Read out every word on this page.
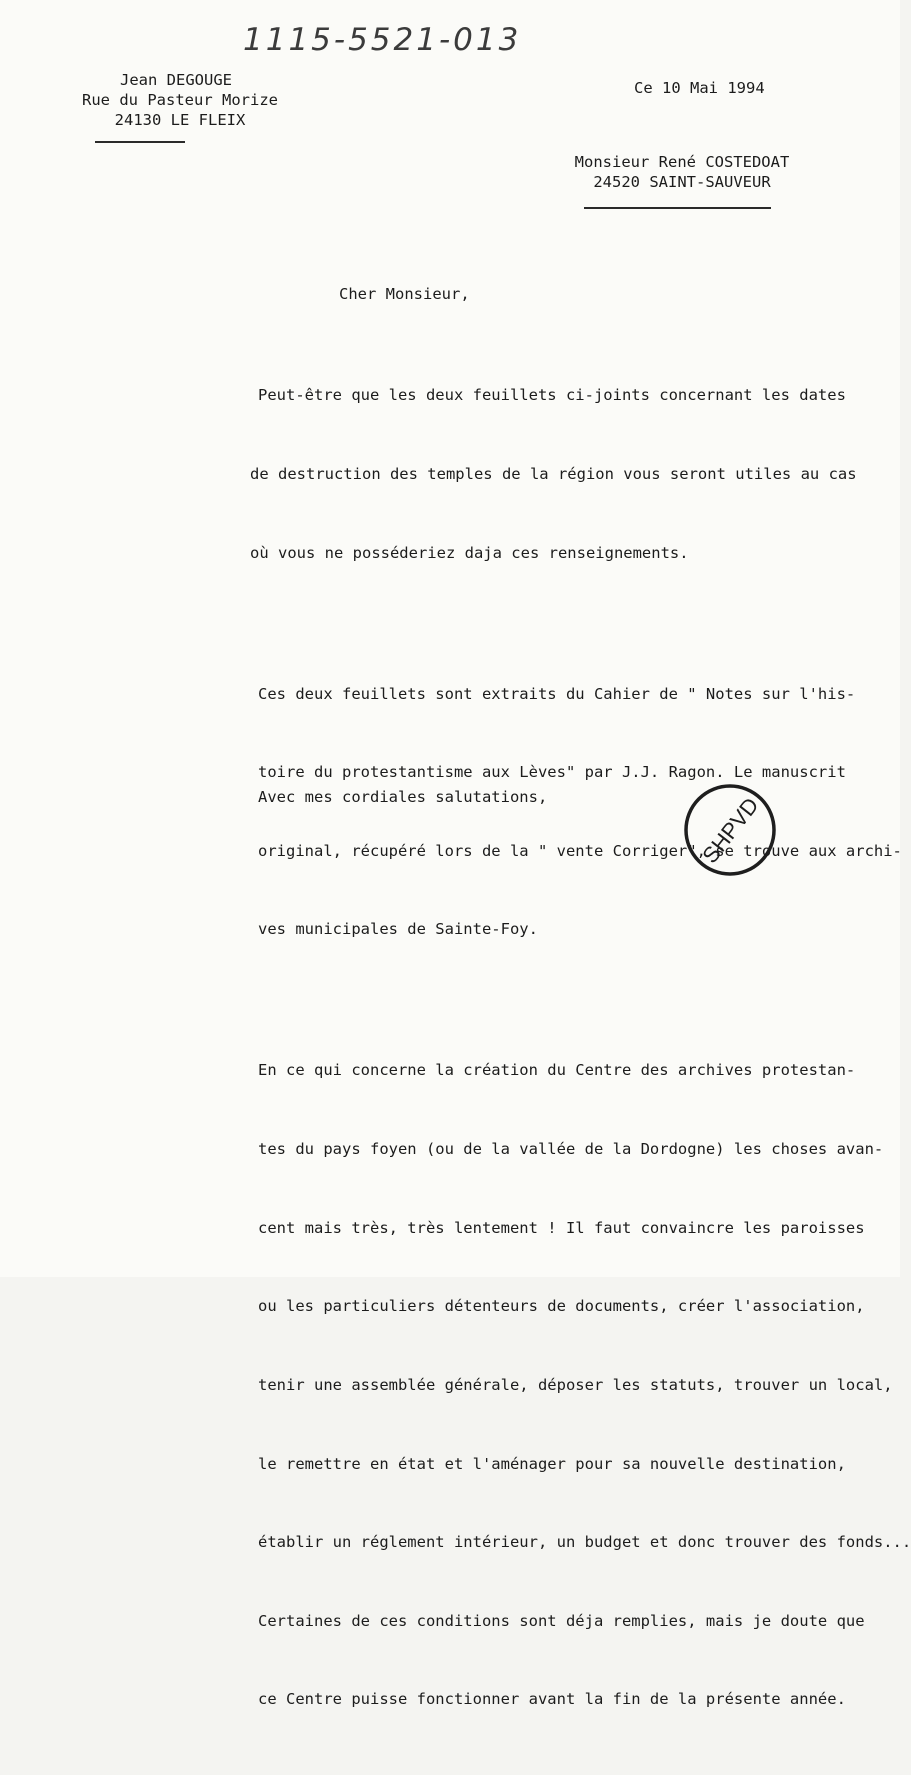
1115-5521-013
Jean DEGOUGE
Rue du Pasteur Morize
24130 LE FLEIX
Ce 10 Mai 1994
Monsieur René COSTEDOAT
24520 SAINT-SAUVEUR
Cher Monsieur,

Peut-être que les deux feuillets ci-joints concernant les dates

de destruction des temples de la région vous seront utiles au cas

où vous ne posséderiez daja ces renseignements.

Ces deux feuillets sont extraits du Cahier de " Notes sur l'his-

toire du protestantisme aux Lèves" par J.J. Ragon. Le manuscrit

original, récupéré lors de la " vente Corriger", se trouve aux archi-

ves municipales de Sainte-Foy.

En ce qui concerne la création du Centre des archives protestan-

tes du pays foyen (ou de la vallée de la Dordogne) les choses avan-

cent mais très, très lentement ! Il faut convaincre les paroisses

ou les particuliers détenteurs de documents, créer l'association,

tenir une assemblée générale, déposer les statuts, trouver un local,

le remettre en état et l'aménager pour sa nouvelle destination,

établir un réglement intérieur, un budget et donc trouver des fonds...

Certaines de ces conditions sont déja remplies, mais je doute que

ce Centre puisse fonctionner avant la fin de la présente année.

Avec mes cordiales salutations,	SHPVD
